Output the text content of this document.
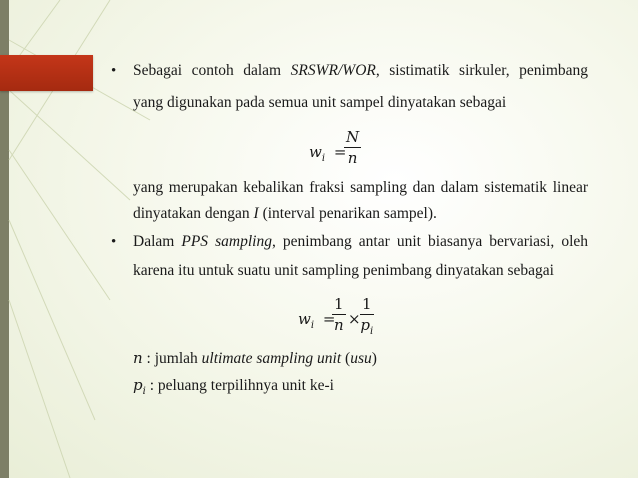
• Sebagai contoh dalam SRSWR/WOR, sistimatik sirkuler, penimbang
yang digunakan pada semua unit sampel dinyatakan sebagai
$w_i$ =
$\frac{N}{n}$
yang merupakan kebalikan fraksi sampling dan dalam sistematik linear
dinyatakan dengan I (interval penarikan sampel).
• Dalam PPS sampling, penimbang antar unit biasanya bervariasi, oleh
karena itu untuk suatu unit sampling penimbang dinyatakan sebagai
$w_i$ =
$\frac{1}{n} \times \frac{1}{p_i}$
n : jumlah ultimate sampling unit (usu)
$p_i$ : peluang terpilihnya unit ke-i
